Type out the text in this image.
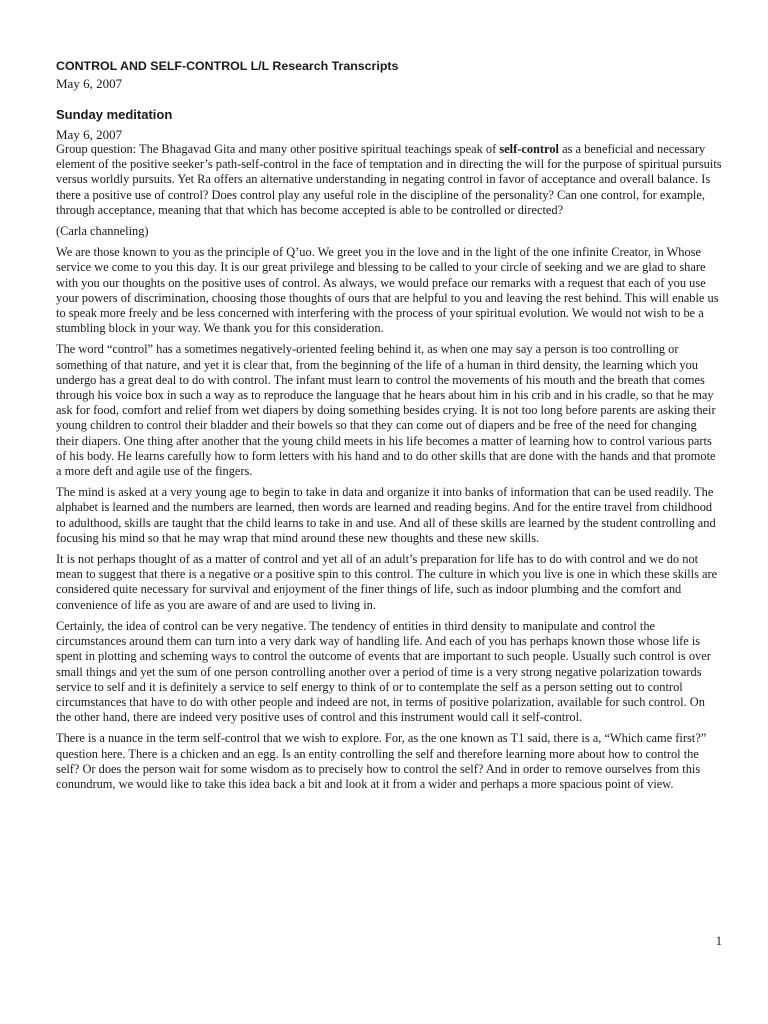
CONTROL AND SELF-CONTROL L/L Research Transcripts
May 6, 2007
Sunday meditation
May 6, 2007

Group question: The Bhagavad Gita and many other positive spiritual teachings speak of self-control as a beneficial and necessary element of the positive seeker’s path-self-control in the face of temptation and in directing the will for the purpose of spiritual pursuits versus worldly pursuits. Yet Ra offers an alternative understanding in negating control in favor of acceptance and overall balance. Is there a positive use of control? Does control play any useful role in the discipline of the personality? Can one control, for example, through acceptance, meaning that that which has become accepted is able to be controlled or directed?

(Carla channeling)

We are those known to you as the principle of Q’uo. We greet you in the love and in the light of the one infinite Creator, in Whose service we come to you this day. It is our great privilege and blessing to be called to your circle of seeking and we are glad to share with you our thoughts on the positive uses of control. As always, we would preface our remarks with a request that each of you use your powers of discrimination, choosing those thoughts of ours that are helpful to you and leaving the rest behind. This will enable us to speak more freely and be less concerned with interfering with the process of your spiritual evolution. We would not wish to be a stumbling block in your way. We thank you for this consideration.

The word “control” has a sometimes negatively-oriented feeling behind it, as when one may say a person is too controlling or something of that nature, and yet it is clear that, from the beginning of the life of a human in third density, the learning which you undergo has a great deal to do with control. The infant must learn to control the movements of his mouth and the breath that comes through his voice box in such a way as to reproduce the language that he hears about him in his crib and in his cradle, so that he may ask for food, comfort and relief from wet diapers by doing something besides crying. It is not too long before parents are asking their young children to control their bladder and their bowels so that they can come out of diapers and be free of the need for changing their diapers. One thing after another that the young child meets in his life becomes a matter of learning how to control various parts of his body. He learns carefully how to form letters with his hand and to do other skills that are done with the hands and that promote a more deft and agile use of the fingers.

The mind is asked at a very young age to begin to take in data and organize it into banks of information that can be used readily. The alphabet is learned and the numbers are learned, then words are learned and reading begins. And for the entire travel from childhood to adulthood, skills are taught that the child learns to take in and use. And all of these skills are learned by the student controlling and focusing his mind so that he may wrap that mind around these new thoughts and these new skills.

It is not perhaps thought of as a matter of control and yet all of an adult’s preparation for life has to do with control and we do not mean to suggest that there is a negative or a positive spin to this control. The culture in which you live is one in which these skills are considered quite necessary for survival and enjoyment of the finer things of life, such as indoor plumbing and the comfort and convenience of life as you are aware of and are used to living in.

Certainly, the idea of control can be very negative. The tendency of entities in third density to manipulate and control the circumstances around them can turn into a very dark way of handling life. And each of you has perhaps known those whose life is spent in plotting and scheming ways to control the outcome of events that are important to such people. Usually such control is over small things and yet the sum of one person controlling another over a period of time is a very strong negative polarization towards service to self and it is definitely a service to self energy to think of or to contemplate the self as a person setting out to control circumstances that have to do with other people and indeed are not, in terms of positive polarization, available for such control. On the other hand, there are indeed very positive uses of control and this instrument would call it self-control.

There is a nuance in the term self-control that we wish to explore. For, as the one known as T1 said, there is a, “Which came first?” question here. There is a chicken and an egg. Is an entity controlling the self and therefore learning more about how to control the self? Or does the person wait for some wisdom as to precisely how to control the self? And in order to remove ourselves from this conundrum, we would like to take this idea back a bit and look at it from a wider and perhaps a more spacious point of view.

1
